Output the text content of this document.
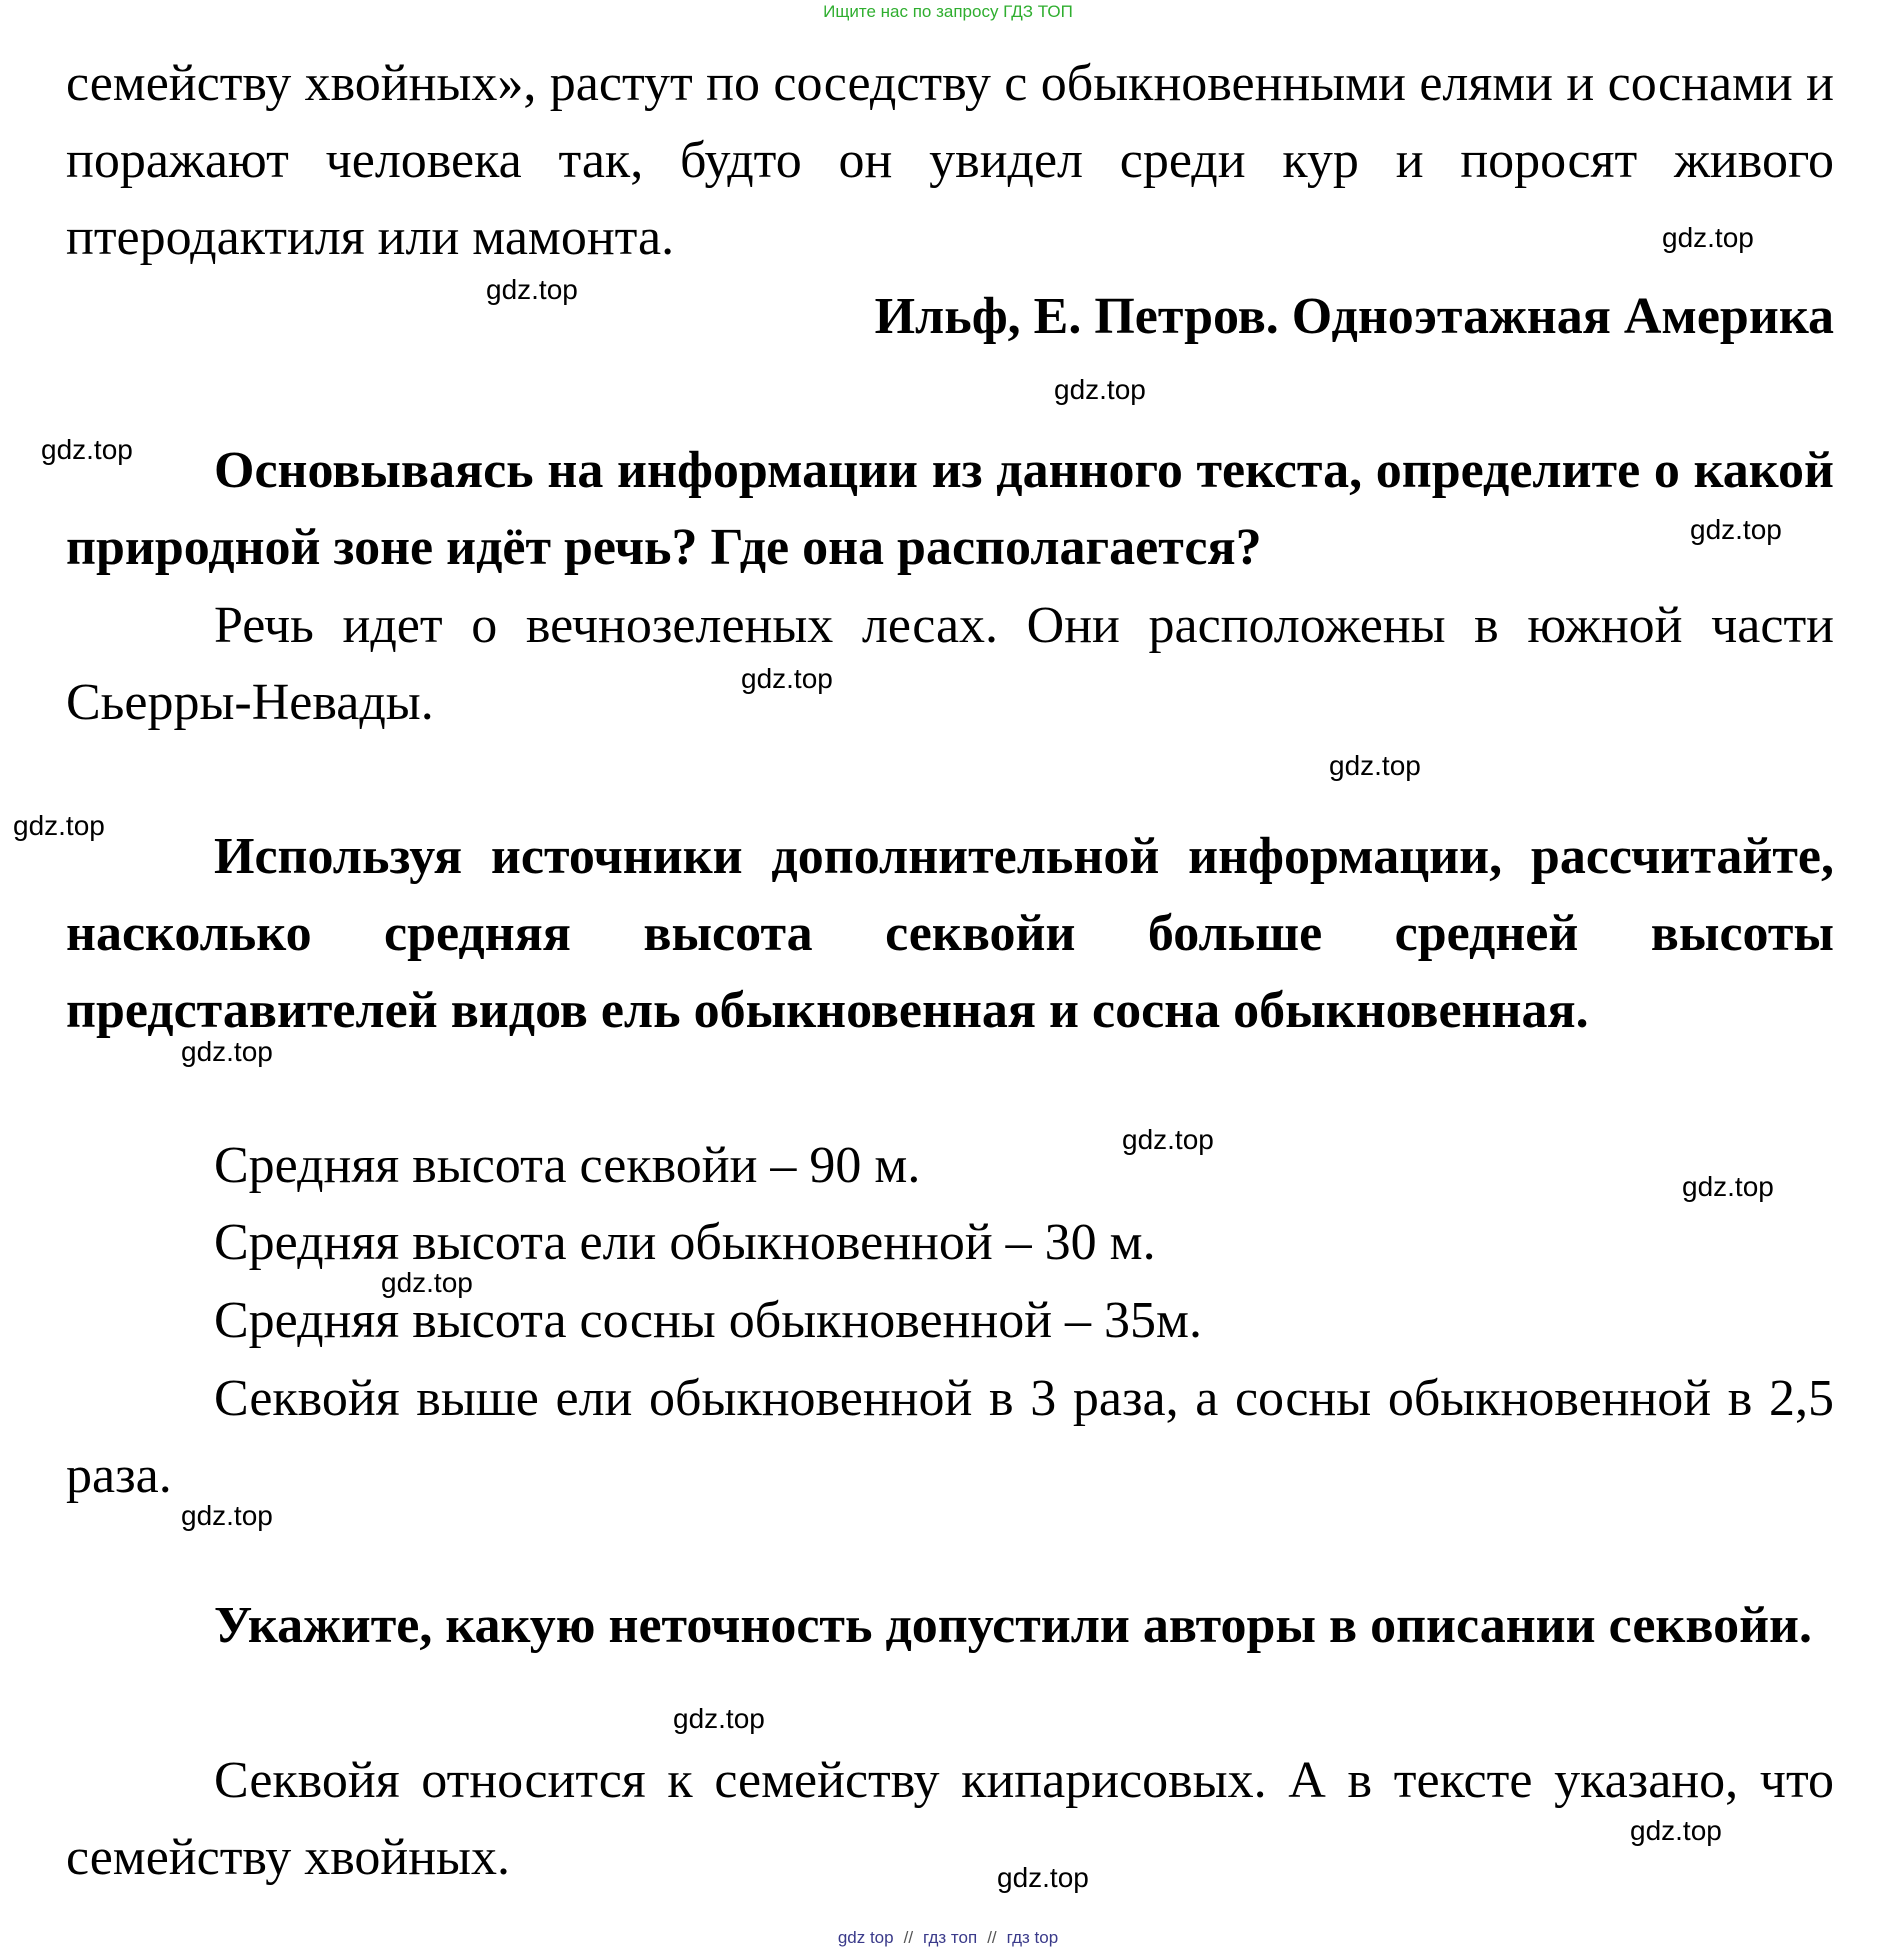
Ищите нас по запросу ГДЗ ТОП

семейству хвойных», растут по соседству с обыкновенными елями и соснами и поражают человека так, будто он увидел среди кур и поросят живого птеродактиля или мамонта.

Ильф, Е. Петров. Одноэтажная Америка

Основываясь на информации из данного текста, определите о какой природной зоне идёт речь? Где она располагается?

Речь идет о вечнозеленых лесах. Они расположены в южной части Сьерры-Невады.

Используя источники дополнительной информации, рассчитайте, насколько средняя высота секвойи больше средней высоты представителей видов ель обыкновенная и сосна обыкновенная.

Средняя высота секвойи – 90 м.

Средняя высота ели обыкновенной – 30 м.

Средняя высота сосны обыкновенной – 35м.

Секвойя выше ели обыкновенной в 3 раза, а сосны обыкновенной в 2,5 раза.

Укажите, какую неточность допустили авторы в описании секвойи.

Секвойя относится к семейству кипарисовых. А в тексте указано, что семейству хвойных.

gdz.top
gdz.top
gdz.top
gdz.top
gdz.top
gdz.top
gdz.top
gdz.top
gdz.top
gdz.top
gdz.top
gdz.top
gdz.top
gdz.top
gdz.top
gdz.top
gdz top // гдз топ // гдз top
